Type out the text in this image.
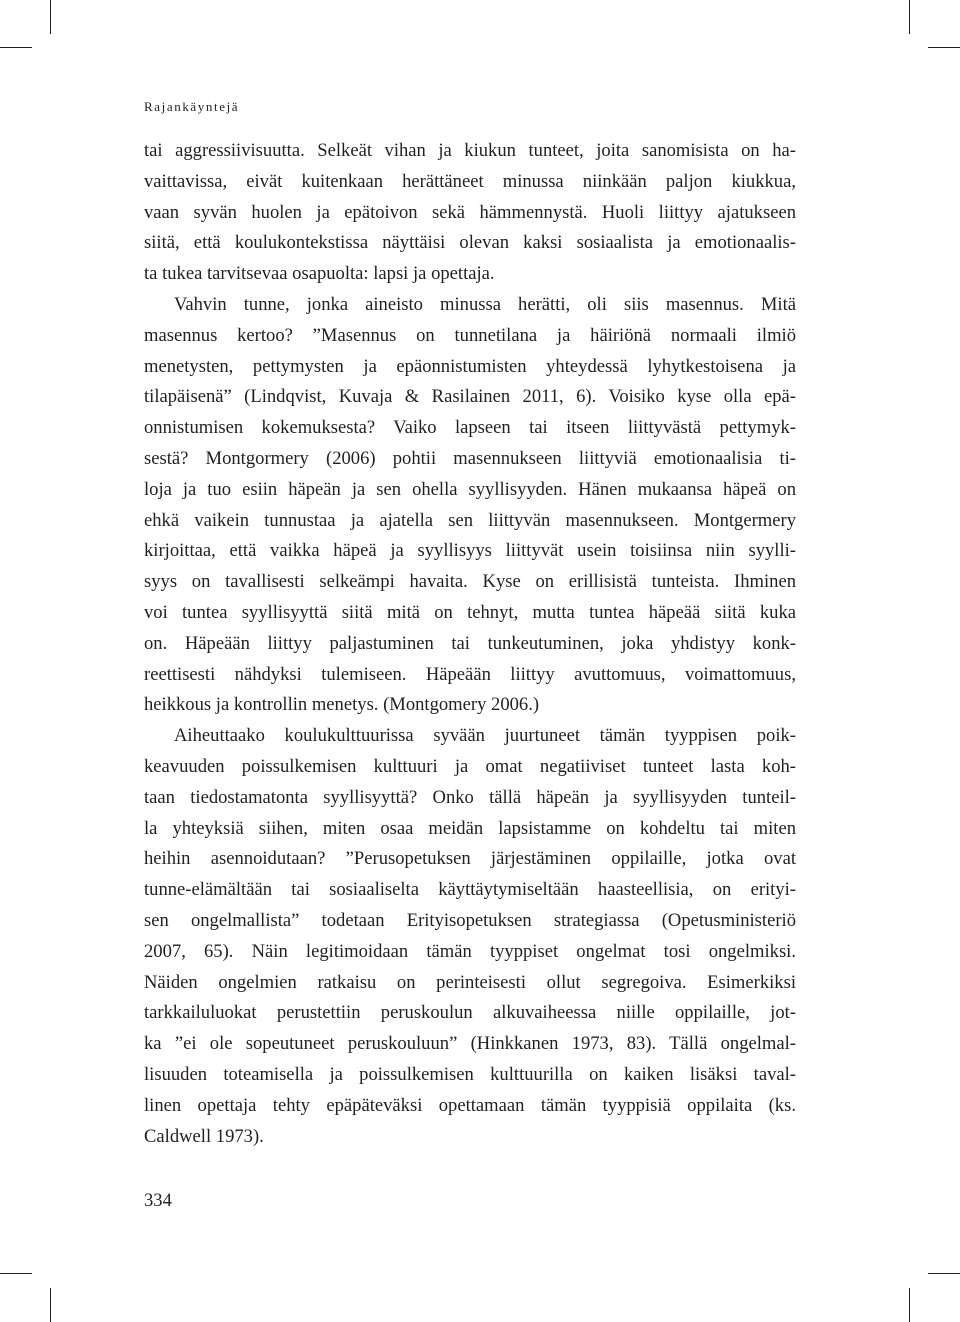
Rajankäyntejä
tai aggressiivisuutta. Selkeät vihan ja kiukun tunteet, joita sanomisista on ha-
vaittavissa, eivät kuitenkaan herättäneet minussa niinkään paljon kiukkua,
vaan syvän huolen ja epätoivon sekä hämmennystä. Huoli liittyy ajatukseen
siitä, että koulukontekstissa näyttäisi olevan kaksi sosiaalista ja emotionaalis-
ta tukea tarvitsevaa osapuolta: lapsi ja opettaja.
Vahvin tunne, jonka aineisto minussa herätti, oli siis masennus. Mitä
masennus kertoo? ”Masennus on tunnetilana ja häiriönä normaali ilmiö
menetysten, pettymysten ja epäonnistumisten yhteydessä lyhytkestoisena ja
tilapäisenä” (Lindqvist, Kuvaja & Rasilainen 2011, 6). Voisiko kyse olla epä-
onnistumisen kokemuksesta? Vaiko lapseen tai itseen liittyvästä pettymyk-
sestä? Montgormery (2006) pohtii masennukseen liittyviä emotionaalisia ti-
loja ja tuo esiin häpeän ja sen ohella syyllisyyden. Hänen mukaansa häpeä on
ehkä vaikein tunnustaa ja ajatella sen liittyvän masennukseen. Montgermery
kirjoittaa, että vaikka häpeä ja syyllisyys liittyvät usein toisiinsa niin syylli-
syys on tavallisesti selkeämpi havaita. Kyse on erillisistä tunteista. Ihminen
voi tuntea syyllisyyttä siitä mitä on tehnyt, mutta tuntea häpeää siitä kuka
on. Häpeään liittyy paljastuminen tai tunkeutuminen, joka yhdistyy konk-
reettisesti nähdyksi tulemiseen. Häpeään liittyy avuttomuus, voimattomuus,
heikkous ja kontrollin menetys. (Montgomery 2006.)
Aiheuttaako koulukulttuurissa syvään juurtuneet tämän tyyppisen poik-
keavuuden poissulkemisen kulttuuri ja omat negatiiviset tunteet lasta koh-
taan tiedostamatonta syyllisyyttä? Onko tällä häpeän ja syyllisyyden tunteil-
la yhteyksiä siihen, miten osaa meidän lapsistamme on kohdeltu tai miten
heihin asennoidutaan? ”Perusopetuksen järjestäminen oppilaille, jotka ovat
tunne-elämältään tai sosiaaliselta käyttäytymiseltään haasteellisia, on erityi-
sen ongelmallista” todetaan Erityisopetuksen strategiassa (Opetusministeriö
2007, 65). Näin legitimoidaan tämän tyyppiset ongelmat tosi ongelmiksi.
Näiden ongelmien ratkaisu on perinteisesti ollut segregoiva. Esimerkiksi
tarkkailuluokat perustettiin peruskoulun alkuvaiheessa niille oppilaille, jot-
ka ”ei ole sopeutuneet peruskouluun” (Hinkkanen 1973, 83). Tällä ongelmal-
lisuuden toteamisella ja poissulkemisen kulttuurilla on kaiken lisäksi taval-
linen opettaja tehty epäpäteväksi opettamaan tämän tyyppisiä oppilaita (ks.
Caldwell 1973).
334
